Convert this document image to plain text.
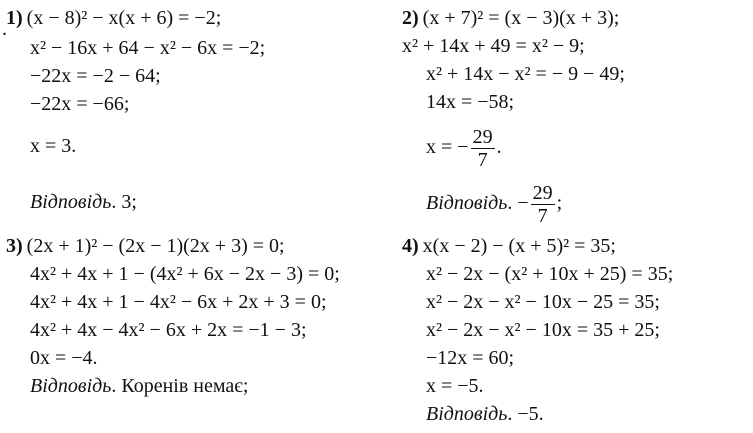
. 1) (x − 8)² − x(x + 6) = −2;
x² − 16x + 64 − x² − 6x = −2;
−22x = −2 − 64;
−22x = −66;
x = 3.
Відповідь. 3;
2) (x + 7)² = (x − 3)(x + 3);
x² + 14x + 49 = x² − 9;
x² + 14x − x² = − 9 − 49;
14x = −58;
x = − $\frac{29}{7}$ .
Відповідь. − $\frac{29}{7}$ ;
3) (2x + 1)² − (2x − 1)(2x + 3) = 0;
4x² + 4x + 1 − (4x² + 6x − 2x − 3) = 0;
4x² + 4x + 1 − 4x² − 6x + 2x + 3 = 0;
4x² + 4x − 4x² − 6x + 2x = −1 − 3;
0x = −4.
Відповідь. Коренів немає;
4) x(x − 2) − (x + 5)² = 35;
x² − 2x − (x² + 10x + 25) = 35;
x² − 2x − x² − 10x − 25 = 35;
x² − 2x − x² − 10x = 35 + 25;
−12x = 60;
x = −5.
Відповідь. −5.
